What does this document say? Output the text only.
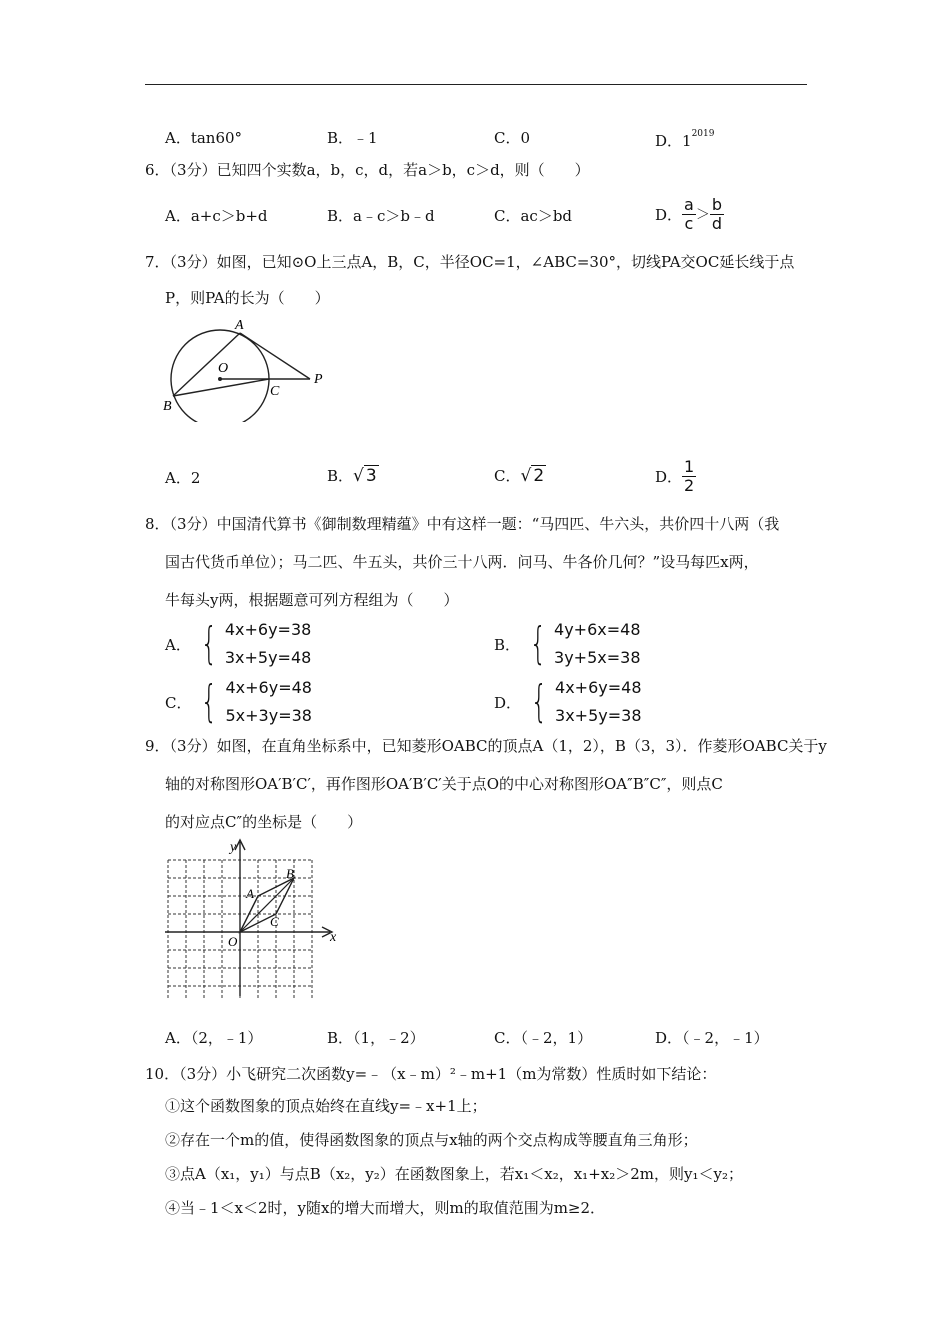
A．tan60°	B．﹣1	C．0	D．$1^{2019}$
6．（3分）已知四个实数a，b，c，d，若a＞b，c＞d，则（　　）
A．a+c＞b+d	B．a﹣c＞b﹣d	C．ac＞bd	D． $\frac{a}{c} > \frac{b}{d}$
7．（3分）如图，已知⊙O上三点A，B，C，半径OC=1，∠ABC=30°，切线PA交OC延长线于点
P，则PA的长为（　　）
A
O
C
P
B
A．2	B．√ 3	C．√ 2	D． $\frac{1}{2}$
8．（3分）中国清代算书《御制数理精蕴》中有这样一题：“马四匹、牛六头，共价四十八两（我
国古代货币单位）；马二匹、牛五头，共价三十八两．问马、牛各价几何？”设马每匹x两，
牛每头y两，根据题意可列方程组为（　　）
A． { 4x+6y=38
3x+5y=48
B． { 4y+6x=48
3y+5x=38
C． { 4x+6y=48
5x+3y=38
D． { 4x+6y=48
3x+5y=38
9．（3分）如图，在直角坐标系中，已知菱形OABC的顶点A（1，2），B（3，3）．作菱形OABC关于y
轴的对称图形OA′B′C′，再作图形OA′B′C′关于点O的中心对称图形OA″B″C″，则点C
的对应点C″的坐标是（　　）
y
x
O
A
B
C
A．（2，﹣1）	B．（1，﹣2）	C．（﹣2，1）	D．（﹣2，﹣1）
10．（3分）小飞研究二次函数y=﹣（x﹣m）²﹣m+1（m为常数）性质时如下结论：
①这个函数图象的顶点始终在直线y=﹣x+1上；
②存在一个m的值，使得函数图象的顶点与x轴的两个交点构成等腰直角三角形；
③点A（x₁，y₁）与点B（x₂，y₂）在函数图象上，若x₁＜x₂，x₁+x₂＞2m，则y₁＜y₂；
④当﹣1＜x＜2时，y随x的增大而增大，则m的取值范围为m≥2．
